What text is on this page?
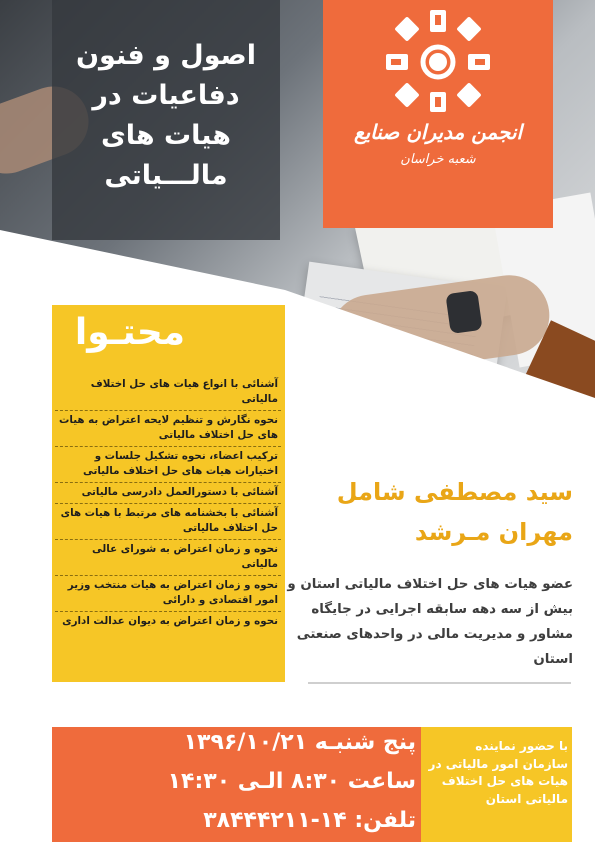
اصول و فنون
دفاعیات در
هیات های
مالـــیاتی
انجمن مدیران صنایع
شعبه خراسان
محتـوا
آشنائی با انواع هیات های حل اختلاف مالیاتی
نحوه نگارش و تنظیم لایحه اعتراض به هیات های حل اختلاف مالیاتی
ترکیب اعضاء، نحوه تشکیل جلسات و اختیارات هیات های حل اختلاف مالیاتی
آشنائی با دستورالعمل دادرسی مالیاتی
آشنائی با بخشنامه های مرتبط با هیات های حل اختلاف مالیاتی
نحوه و زمان اعتراض به شورای عالی مالیاتی
نحوه و زمان اعتراض به هیات منتخب وزیر امور اقتصادی و دارائی
نحوه و زمان اعتراض به دیوان عدالت اداری
سید مصطفی شامل
مهران مـرشد
عضو هیات های حل اختلاف مالیاتی استان و بیش از سه دهه سابقه اجرایی در جایگاه مشاور و مدیریت مالی در واحدهای صنعتی استان
با حضور نماینده سازمان امور مالیاتی در هیات های حل اختلاف مالیاتی استان
پنج شنبـه ۱۳۹۶/۱۰/۲۱
ساعت ۸:۳۰ الـی ۱۴:۳۰
تلفن: ۱۴-۳۸۴۴۴۲۱۱
